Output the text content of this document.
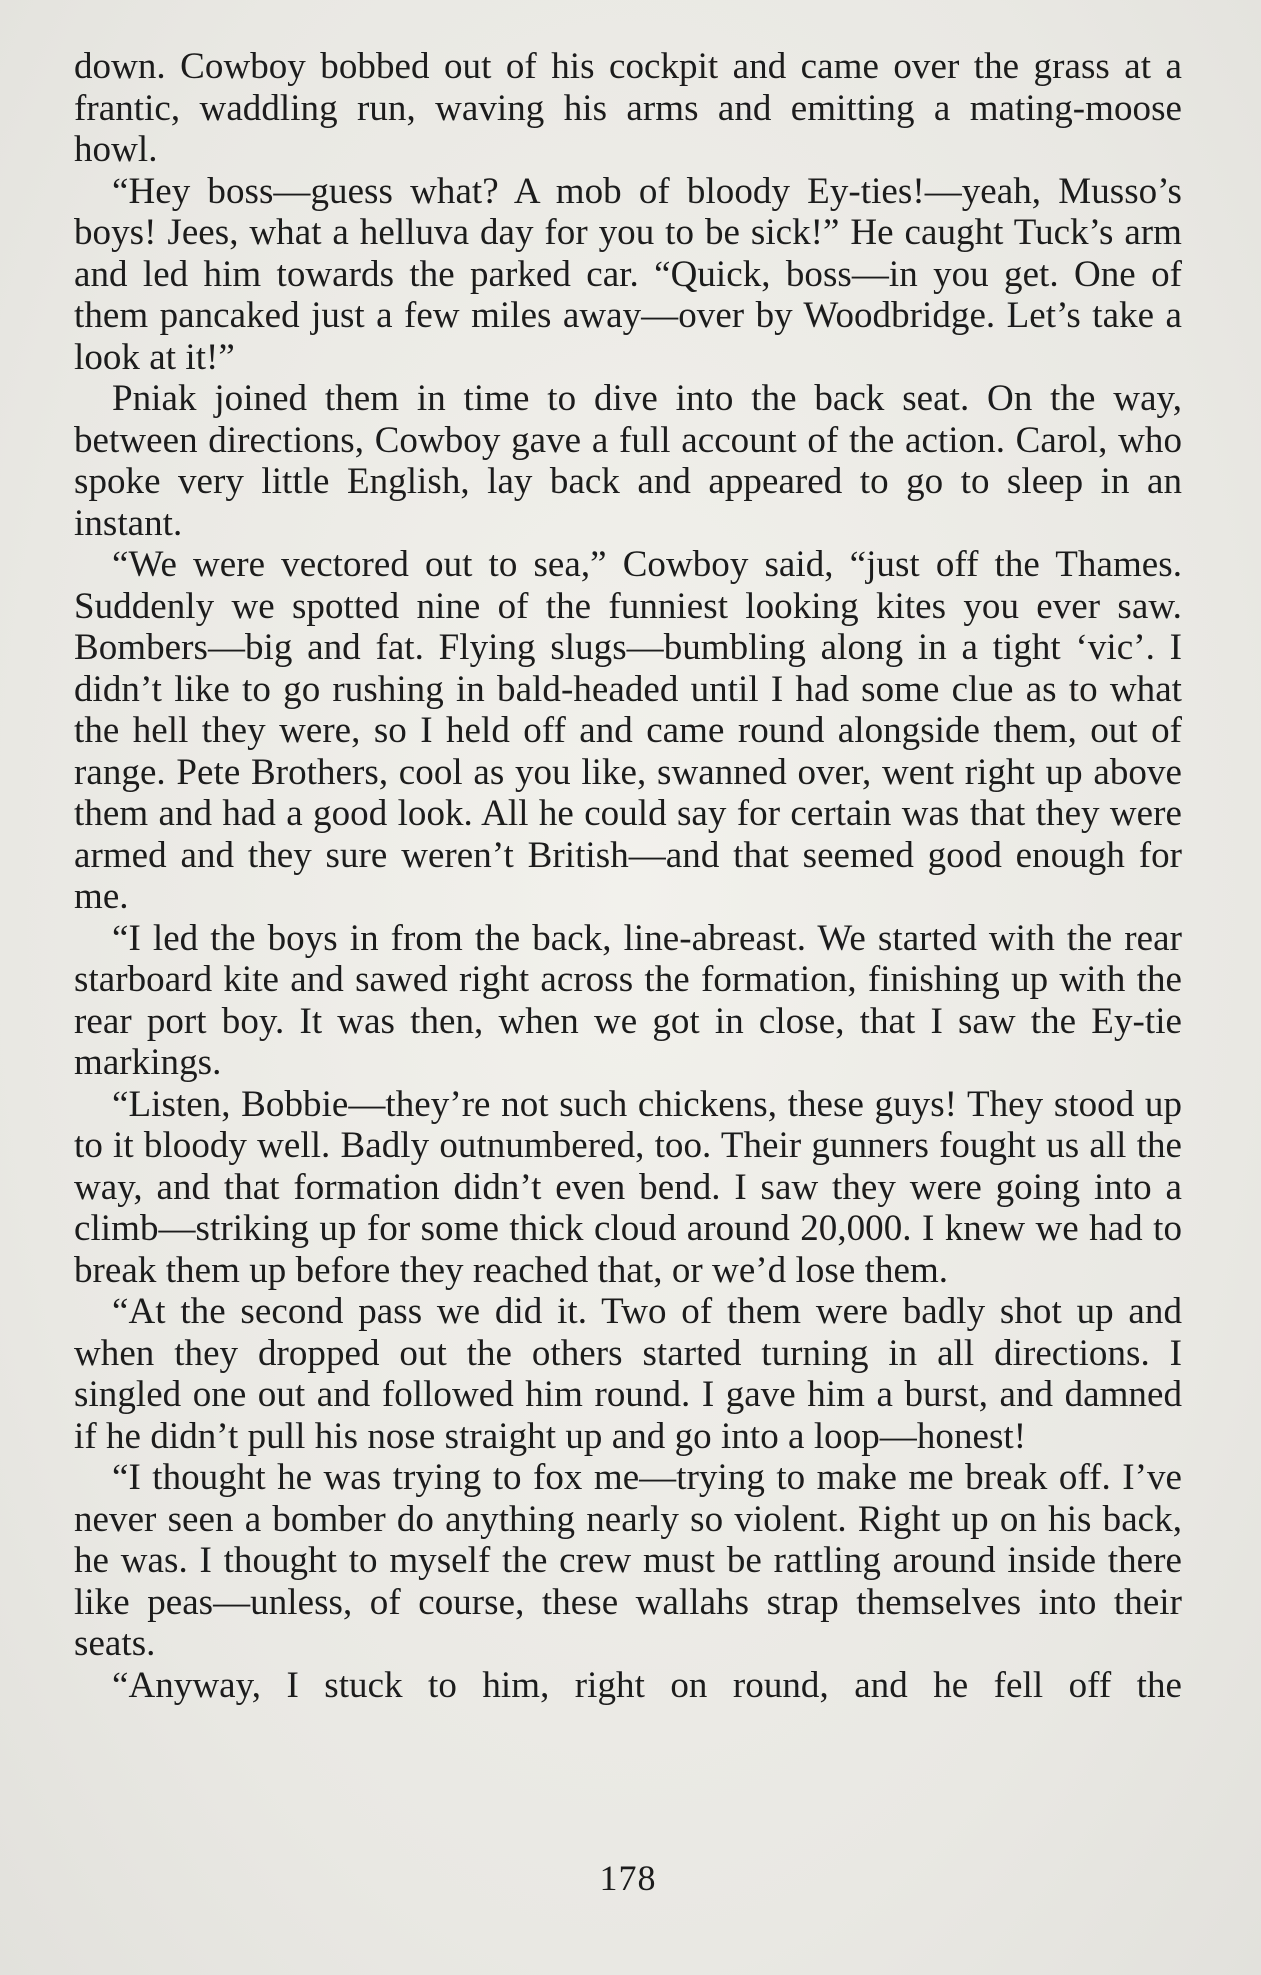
down. Cowboy bobbed out of his cockpit and came over the grass at a frantic, waddling run, waving his arms and emitting a mating-moose howl.

“Hey boss—guess what? A mob of bloody Ey-ties!—yeah, Musso’s boys! Jees, what a helluva day for you to be sick!” He caught Tuck’s arm and led him towards the parked car. “Quick, boss—in you get. One of them pancaked just a few miles away—over by Woodbridge. Let’s take a look at it!”

Pniak joined them in time to dive into the back seat. On the way, between directions, Cowboy gave a full account of the action. Carol, who spoke very little English, lay back and appeared to go to sleep in an instant.

“We were vectored out to sea,” Cowboy said, “just off the Thames. Suddenly we spotted nine of the funniest looking kites you ever saw. Bombers—big and fat. Flying slugs—bumbling along in a tight ‘vic’. I didn’t like to go rushing in bald-headed until I had some clue as to what the hell they were, so I held off and came round alongside them, out of range. Pete Brothers, cool as you like, swanned over, went right up above them and had a good look. All he could say for certain was that they were armed and they sure weren’t British—and that seemed good enough for me.

“I led the boys in from the back, line-abreast. We started with the rear starboard kite and sawed right across the formation, finishing up with the rear port boy. It was then, when we got in close, that I saw the Ey-tie markings.

“Listen, Bobbie—they’re not such chickens, these guys! They stood up to it bloody well. Badly outnumbered, too. Their gunners fought us all the way, and that formation didn’t even bend. I saw they were going into a climb—striking up for some thick cloud around 20,000. I knew we had to break them up before they reached that, or we’d lose them.

“At the second pass we did it. Two of them were badly shot up and when they dropped out the others started turning in all directions. I singled one out and followed him round. I gave him a burst, and damned if he didn’t pull his nose straight up and go into a loop—honest!

“I thought he was trying to fox me—trying to make me break off. I’ve never seen a bomber do anything nearly so violent. Right up on his back, he was. I thought to myself the crew must be rattling around inside there like peas—unless, of course, these wallahs strap themselves into their seats.

“Anyway, I stuck to him, right on round, and he fell off the

178
